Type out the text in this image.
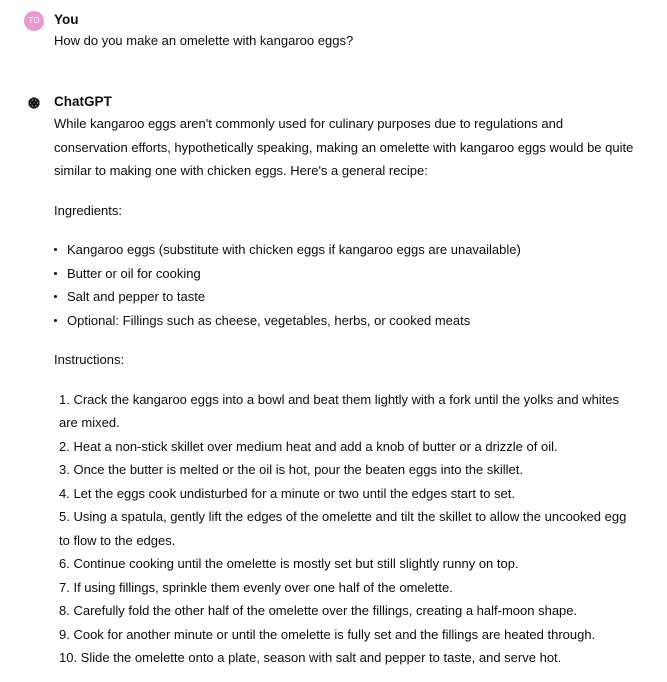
TO	You
How do you make an omelette with kangaroo eggs?
ChatGPT

While kangaroo eggs aren't commonly used for culinary purposes due to regulations and conservation efforts, hypothetically speaking, making an omelette with kangaroo eggs would be quite similar to making one with chicken eggs. Here's a general recipe:

Ingredients:

Kangaroo eggs (substitute with chicken eggs if kangaroo eggs are unavailable)
Butter or oil for cooking
Salt and pepper to taste
Optional: Fillings such as cheese, vegetables, herbs, or cooked meats

Instructions:

1. Crack the kangaroo eggs into a bowl and beat them lightly with a fork until the yolks and whites are mixed.
2. Heat a non-stick skillet over medium heat and add a knob of butter or a drizzle of oil.
3. Once the butter is melted or the oil is hot, pour the beaten eggs into the skillet.
4. Let the eggs cook undisturbed for a minute or two until the edges start to set.
5. Using a spatula, gently lift the edges of the omelette and tilt the skillet to allow the uncooked egg to flow to the edges.
6. Continue cooking until the omelette is mostly set but still slightly runny on top.
7. If using fillings, sprinkle them evenly over one half of the omelette.
8. Carefully fold the other half of the omelette over the fillings, creating a half-moon shape.
9. Cook for another minute or until the omelette is fully set and the fillings are heated through.
10. Slide the omelette onto a plate, season with salt and pepper to taste, and serve hot.
